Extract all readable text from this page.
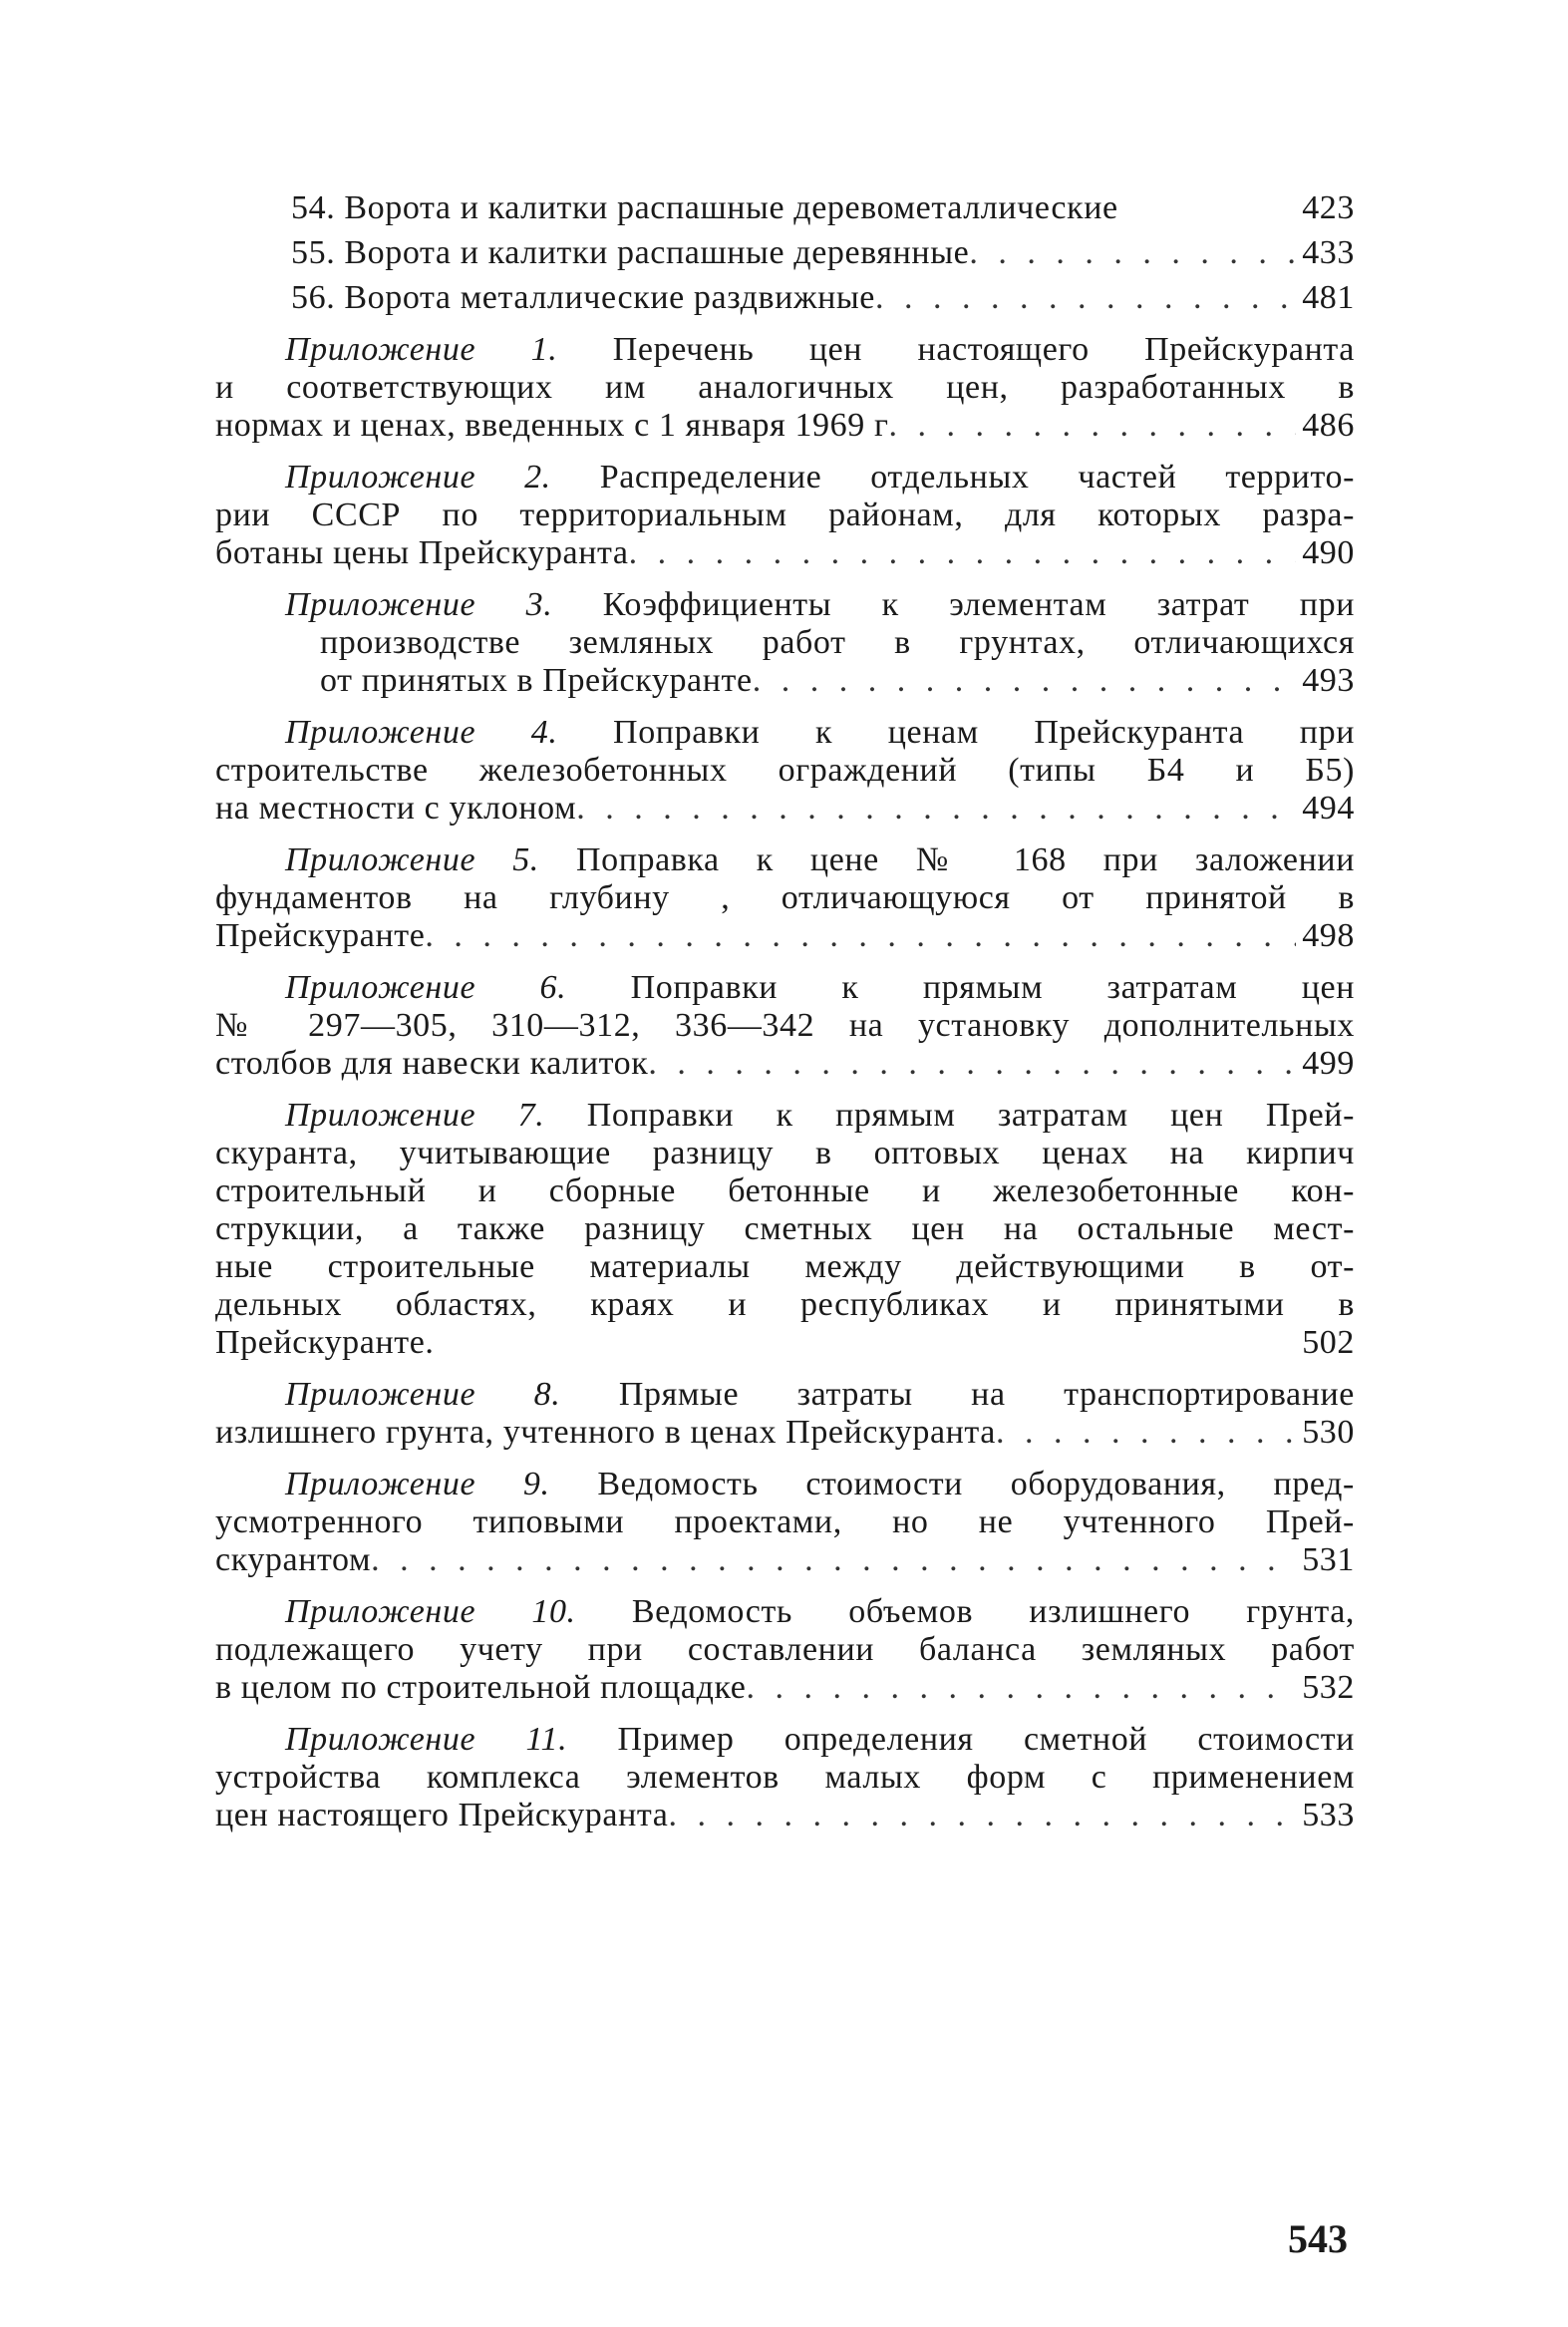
54. Ворота и калитки распашные деревометаллические	423
55. Ворота и калитки распашные деревянные . . .	433
56. Ворота металлические раздвижные . . .	481
Приложение 1. Перечень цен настоящего Прейскуранта
и соответствующих им аналогичных цен, разработанных в
нормах и ценах, введенных с 1 января 1969 г . . .	486
Приложение 2. Распределение отдельных частей террито-
рии СССР по территориальным районам, для которых разра-
ботаны цены Прейскуранта . . .	490
Приложение 3. Коэффициенты к элементам затрат при
производстве земляных работ в грунтах, отличающихся
от принятых в Прейскуранте . . .	493
Приложение 4. Поправки к ценам Прейскуранта при
строительстве железобетонных ограждений (типы Б4 и Б5)
на местности с уклоном . . .	494
Приложение 5. Поправка к цене № 168 при заложении
фундаментов на глубину , отличающуюся от принятой в
Прейскуранте . . .	498
Приложение 6. Поправки к прямым затратам цен
№ 297—305, 310—312, 336—342 на установку дополнительных
столбов для навески калиток . . .	499
Приложение 7. Поправки к прямым затратам цен Прей-
скуранта, учитывающие разницу в оптовых ценах на кирпич
строительный и сборные бетонные и железобетонные кон-
струкции, а также разницу сметных цен на остальные мест-
ные строительные материалы между действующими в от-
дельных областях, краях и республиках и принятыми в
Прейскуранте.	502
Приложение 8. Прямые затраты на транспортирование
излишнего грунта, учтенного в ценах Прейскуранта . . .	530
Приложение 9. Ведомость стоимости оборудования, пред-
усмотренного типовыми проектами, но не учтенного Прей-
скурантом . . .	531
Приложение 10. Ведомость объемов излишнего грунта,
подлежащего учету при составлении баланса земляных работ
в целом по строительной площадке . . .	532
Приложение 11. Пример определения сметной стоимости
устройства комплекса элементов малых форм с применением
цен настоящего Прейскуранта . . .	533
543
